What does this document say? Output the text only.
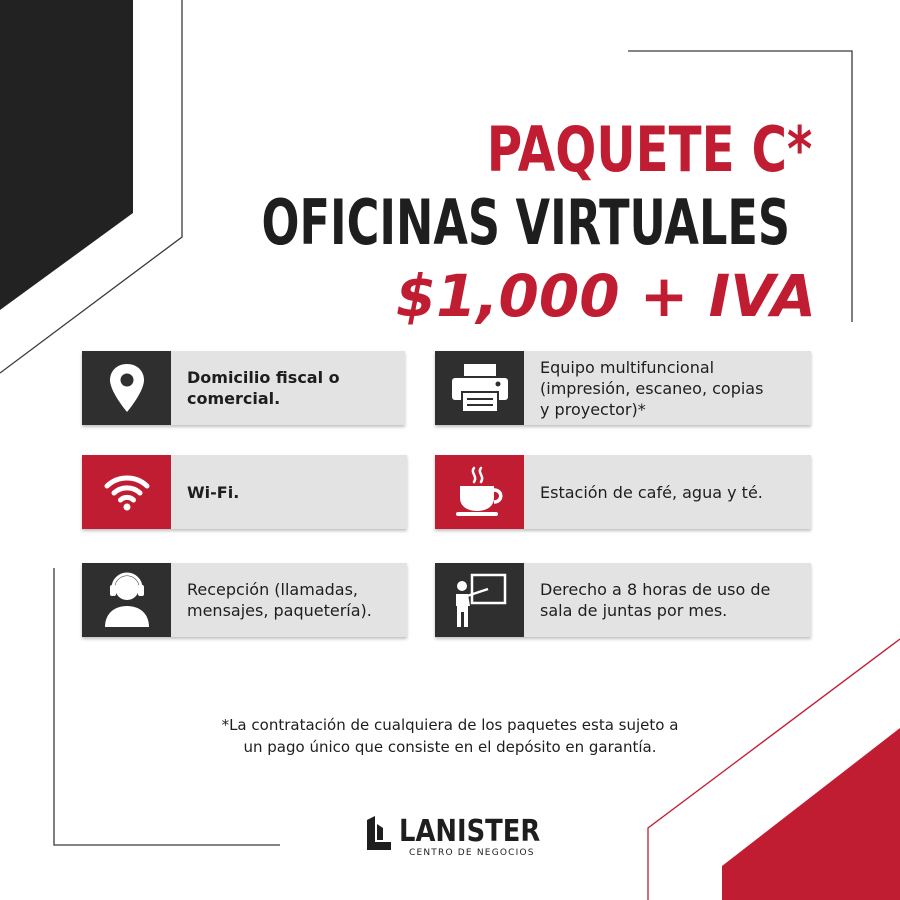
PAQUETE C*
OFICINAS VIRTUALES
$1,000 + IVA
Domicilio fiscal o
comercial.
Equipo multifuncional
(impresión, escaneo, copias
y proyector)*
Wi-Fi.	Estación de café, agua y té.
Recepción (llamadas,
mensajes, paquetería).
Derecho a 8 horas de uso de
sala de juntas por mes.
*La contratación de cualquiera de los paquetes esta sujeto a
un pago único que consiste en el depósito en garantía.
LANISTER
CENTRO DE NEGOCIOS
